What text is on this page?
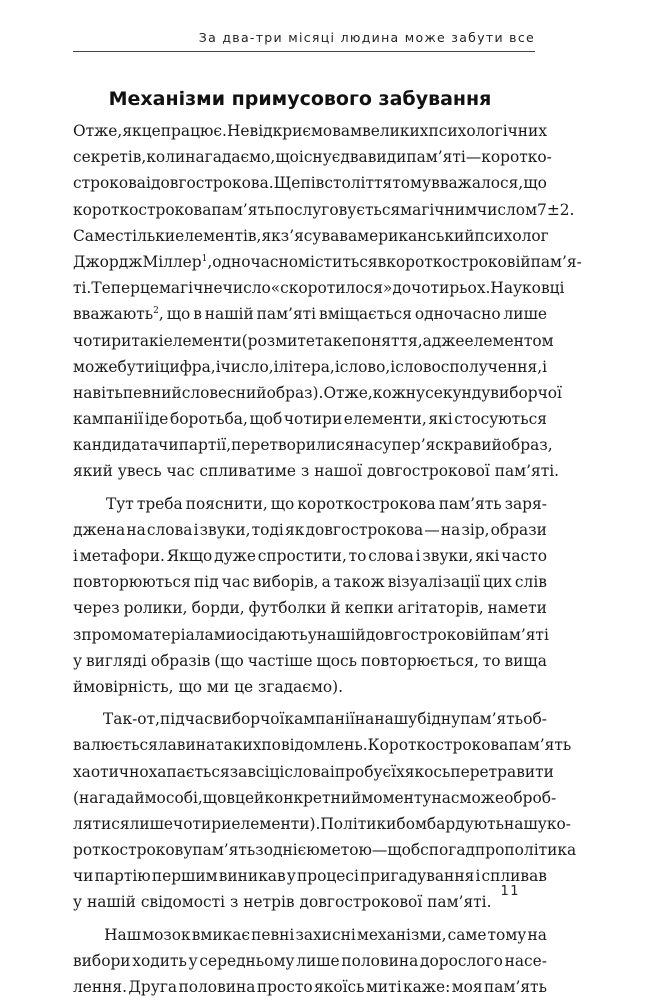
За два-три місяці людина може забути все
Механізми примусового забування
Отже, як це працює. Не відкриємо вам великих психологічних
секретів, коли нагадаємо, що існує два види пам’яті — коротко-
строкова і довгострокова. Ще пів століття тому вважалося, що
короткострокова пам’ять послуговується магічним числом 7±2.
Саме стільки елементів, як з’ясував американський психолог
Джордж Міллер$^1$, одночасно міститься в короткостроковій пам’я-
ті. Тепер це магічне число «скоротилося» до чотирьох. Науковці
вважають$^2$, що в нашій пам’яті вміщається одночасно лише
чотири такі елементи (розмите таке поняття, адже елементом
може бути і цифра, і число, і літера, і слово, і словосполучення, і
навіть певний словесний образ). Отже, кожну секунду виборчої
кампанії іде боротьба, щоб чотири елементи, які стосуються
кандидата чи партії, перетворилися на супер’яскравий образ,
який
увесь
час
спливатиме
з
нашої
довгострокової
пам’яті.
Тут треба пояснити, що короткострокова пам’ять заря-
джена на слова і звуки, тоді як довгострокова — на зір, образи
і метафори. Якщо дуже спростити, то слова і звуки, які часто
повторюються під час виборів, а також візуалізації цих слів
через ролики, борди, футболки й кепки агітаторів, намети
з промоматеріалами осідають у нашій довгостроковій пам’яті
у вигляді образів (що частіше щось повторюється, то вища
ймовірність,
що
ми
це
згадаємо).
Так-от, під час виборчої кампанії на нашу бідну пам’ять об-
валюється лавина таких повідомлень. Короткострокова пам’ять
хаотично хапається за всі ці слова і пробує їх якось перетравити
(нагадаймо собі, що в цей конкретний момент у нас може оброб-
лятися лише чотири елементи). Політики бомбардують нашу ко-
роткострокову пам’ять з однією метою — щоб спогад про політика
чи партію першим виникав у процесі пригадування і спливав
у
нашій
свідомості
з
нетрів
довгострокової
пам’яті.
Наш мозок вмикає певні захисні механізми, саме тому на
вибори ходить у середньому лише половина дорослого насе-
лення. Друга половина просто якоїсь миті каже: моя пам’ять
11
